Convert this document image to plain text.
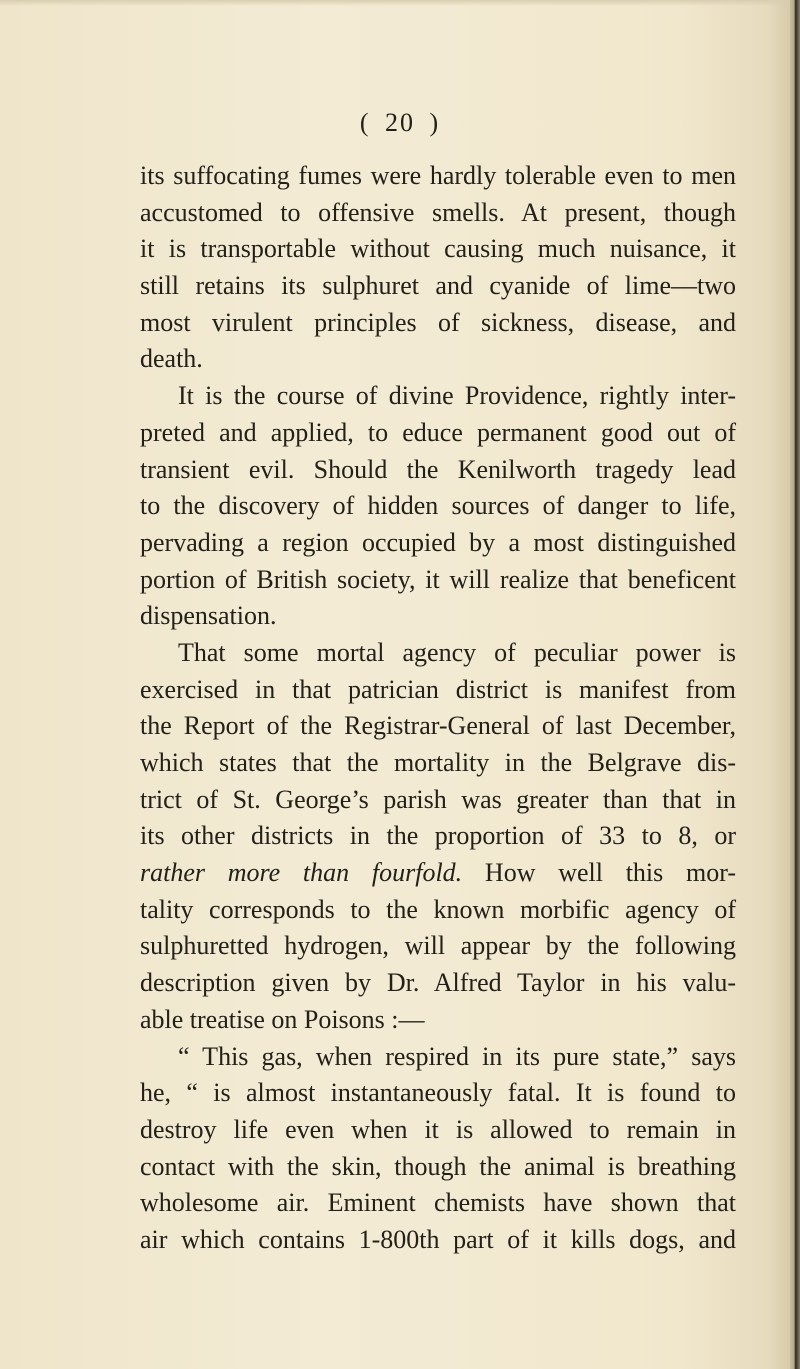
( 20 )
its suffocating fumes were hardly tolerable even to men
accustomed to offensive smells. At present, though
it is transportable without causing much nuisance, it
still retains its sulphuret and cyanide of lime—two
most virulent principles of sickness, disease, and
death.
It is the course of divine Providence, rightly inter-
preted and applied, to educe permanent good out of
transient evil. Should the Kenilworth tragedy lead
to the discovery of hidden sources of danger to life,
pervading a region occupied by a most distinguished
portion of British society, it will realize that beneficent
dispensation.
That some mortal agency of peculiar power is
exercised in that patrician district is manifest from
the Report of the Registrar-General of last December,
which states that the mortality in the Belgrave dis-
trict of St. George’s parish was greater than that in
its other districts in the proportion of 33 to 8, or
rather more than fourfold. How well this mor-
tality corresponds to the known morbific agency of
sulphuretted hydrogen, will appear by the following
description given by Dr. Alfred Taylor in his valu-
able treatise on Poisons :—
“ This gas, when respired in its pure state,” says
he, “ is almost instantaneously fatal. It is found to
destroy life even when it is allowed to remain in
contact with the skin, though the animal is breathing
wholesome air. Eminent chemists have shown that
air which contains 1-800th part of it kills dogs, and
